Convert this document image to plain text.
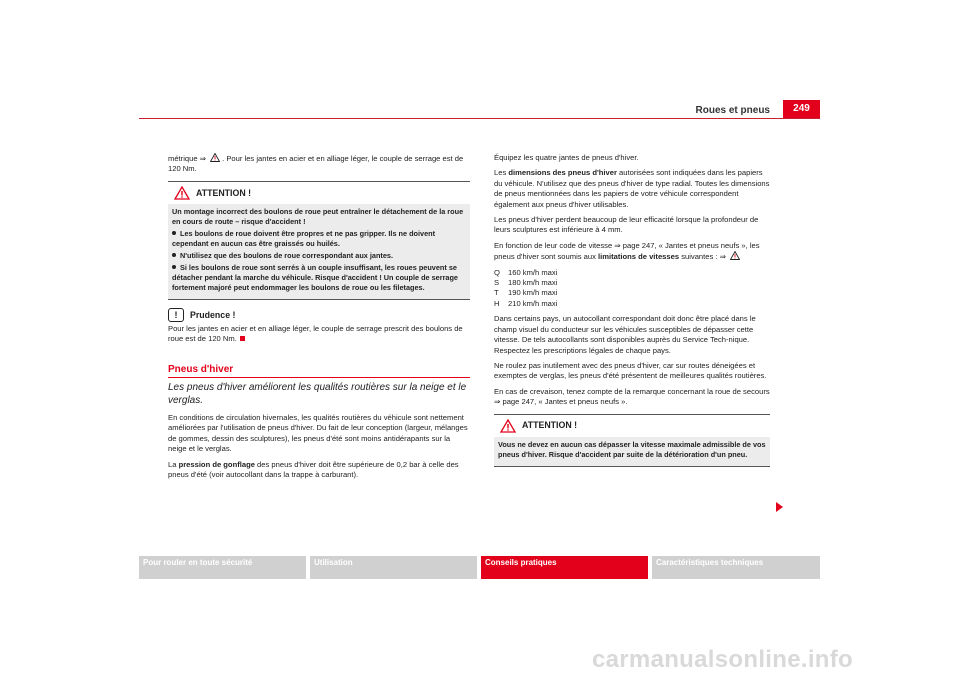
Roues et pneus	249

métrique ⇒ . Pour les jantes en acier et en alliage léger, le couple de serrage est de 120 Nm.

ATTENTION !

Un montage incorrect des boulons de roue peut entraîner le détachement de la roue en cours de route – risque d'accident !

Les boulons de roue doivent être propres et ne pas gripper. Ils ne doivent cependant en aucun cas être graissés ou huilés.

N'utilisez que des boulons de roue correspondant aux jantes.

Si les boulons de roue sont serrés à un couple insuffisant, les roues peuvent se détacher pendant la marche du véhicule. Risque d'accident ! Un couple de serrage fortement majoré peut endommager les boulons de roue ou les filetages.

!	Prudence !

Pour les jantes en acier et en alliage léger, le couple de serrage prescrit des boulons de roue est de 120 Nm.

Pneus d'hiver
Les pneus d'hiver améliorent les qualités routières sur la neige et le verglas.

En conditions de circulation hivernales, les qualités routières du véhicule sont nettement améliorées par l'utilisation de pneus d'hiver. Du fait de leur conception (largeur, mélanges de gommes, dessin des sculptures), les pneus d'été sont moins antidérapants sur la neige et le verglas.

La pression de gonflage des pneus d'hiver doit être supérieure de 0,2 bar à celle des pneus d'été (voir autocollant dans la trappe à carburant).

Équipez les quatre jantes de pneus d'hiver.

Les dimensions des pneus d'hiver autorisées sont indiquées dans les papiers du véhicule. N'utilisez que des pneus d'hiver de type radial. Toutes les dimensions de pneus mentionnées dans les papiers de votre véhicule correspondent également aux pneus d'hiver utilisables.

Les pneus d'hiver perdent beaucoup de leur efficacité lorsque la profondeur de leurs sculptures est inférieure à 4 mm.

En fonction de leur code de vitesse ⇒ page 247, « Jantes et pneus neufs », les pneus d'hiver sont soumis aux limitations de vitesses suivantes : ⇒

Q	160 km/h maxi
S	180 km/h maxi
T	190 km/h maxi
H	210 km/h maxi

Dans certains pays, un autocollant correspondant doit donc être placé dans le champ visuel du conducteur sur les véhicules susceptibles de dépasser cette vitesse. De tels autocollants sont disponibles auprès du Service Tech-nique. Respectez les prescriptions légales de chaque pays.

Ne roulez pas inutilement avec des pneus d'hiver, car sur routes déneigées et exemptes de verglas, les pneus d'été présentent de meilleures qualités routières.

En cas de crevaison, tenez compte de la remarque concernant la roue de secours ⇒ page 247, « Jantes et pneus neufs ».

ATTENTION !

Vous ne devez en aucun cas dépasser la vitesse maximale admissible de vos pneus d'hiver. Risque d'accident par suite de la détérioration d'un pneu.

Pour rouler en toute sécurité	Utilisation	Conseils pratiques	Caractéristiques techniques
carmanualsonline.info
